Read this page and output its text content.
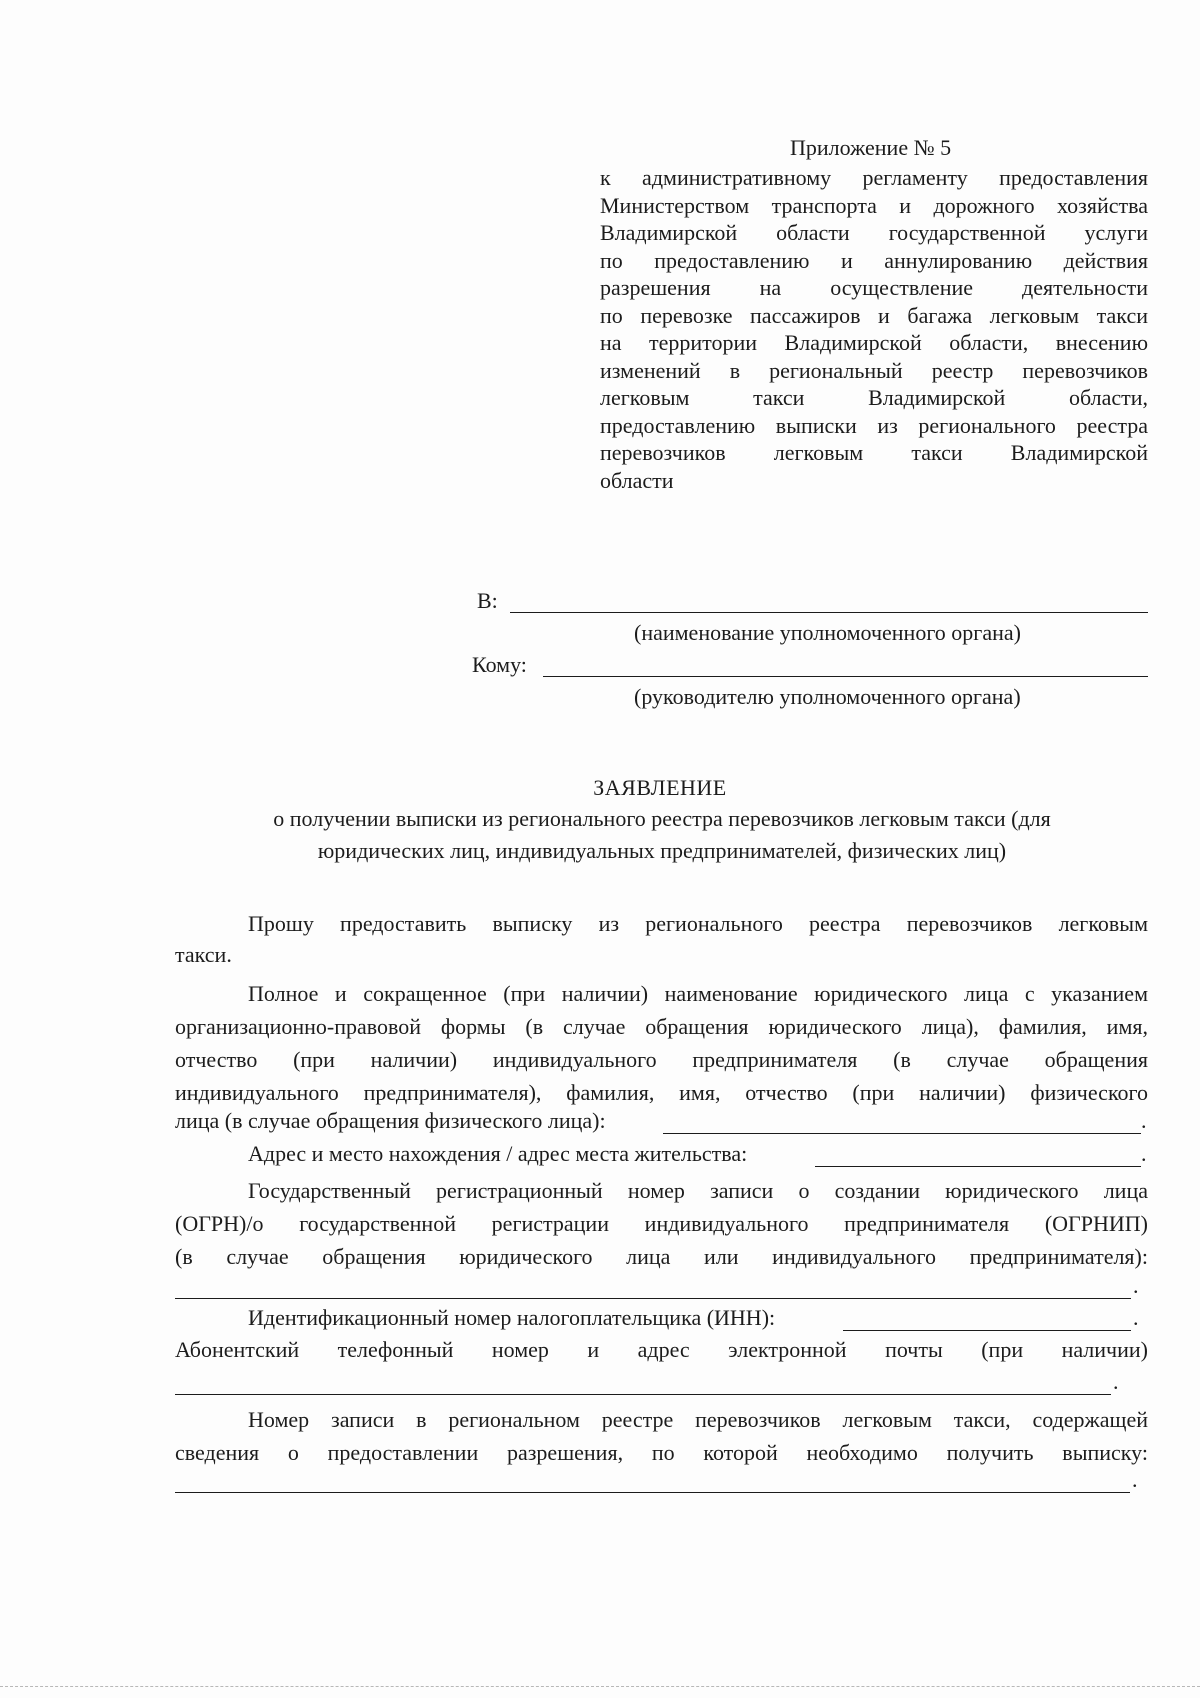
Приложение № 5
к административному регламенту предоставления
Министерством транспорта и дорожного хозяйства
Владимирской области государственной услуги
по предоставлению и аннулированию действия
разрешения на осуществление деятельности
по перевозке пассажиров и багажа легковым такси
на территории Владимирской области, внесению
изменений в региональный реестр перевозчиков
легковым такси Владимирской области,
предоставлению выписки из регионального реестра
перевозчиков легковым такси Владимирской
области
В:
(наименование уполномоченного органа)
Кому:
(руководителю уполномоченного органа)
ЗАЯВЛЕНИЕ
о получении выписки из регионального реестра перевозчиков легковым такси (для юридических лиц, индивидуальных предпринимателей, физических лиц)
Прошу предоставить выписку из регионального реестра перевозчиков легковым
такси.
Полное и сокращенное (при наличии) наименование юридического лица с указанием
организационно-правовой формы (в случае обращения юридического лица), фамилия, имя,
отчество (при наличии) индивидуального предпринимателя (в случае обращения
индивидуального предпринимателя), фамилия, имя, отчество (при наличии) физического
лица (в случае обращения физического лица):	.
Адрес и место нахождения / адрес места жительства:	.
Государственный регистрационный номер записи о создании юридического лица
(ОГРН)/о государственной регистрации индивидуального предпринимателя (ОГРНИП)
(в случае обращения юридического лица или индивидуального предпринимателя):
.
Идентификационный номер налогоплательщика (ИНН):	.
Абонентский телефонный номер и адрес электронной почты (при наличии)
.
Номер записи в региональном реестре перевозчиков легковым такси, содержащей
сведения о предоставлении разрешения, по которой необходимо получить выписку:
.
